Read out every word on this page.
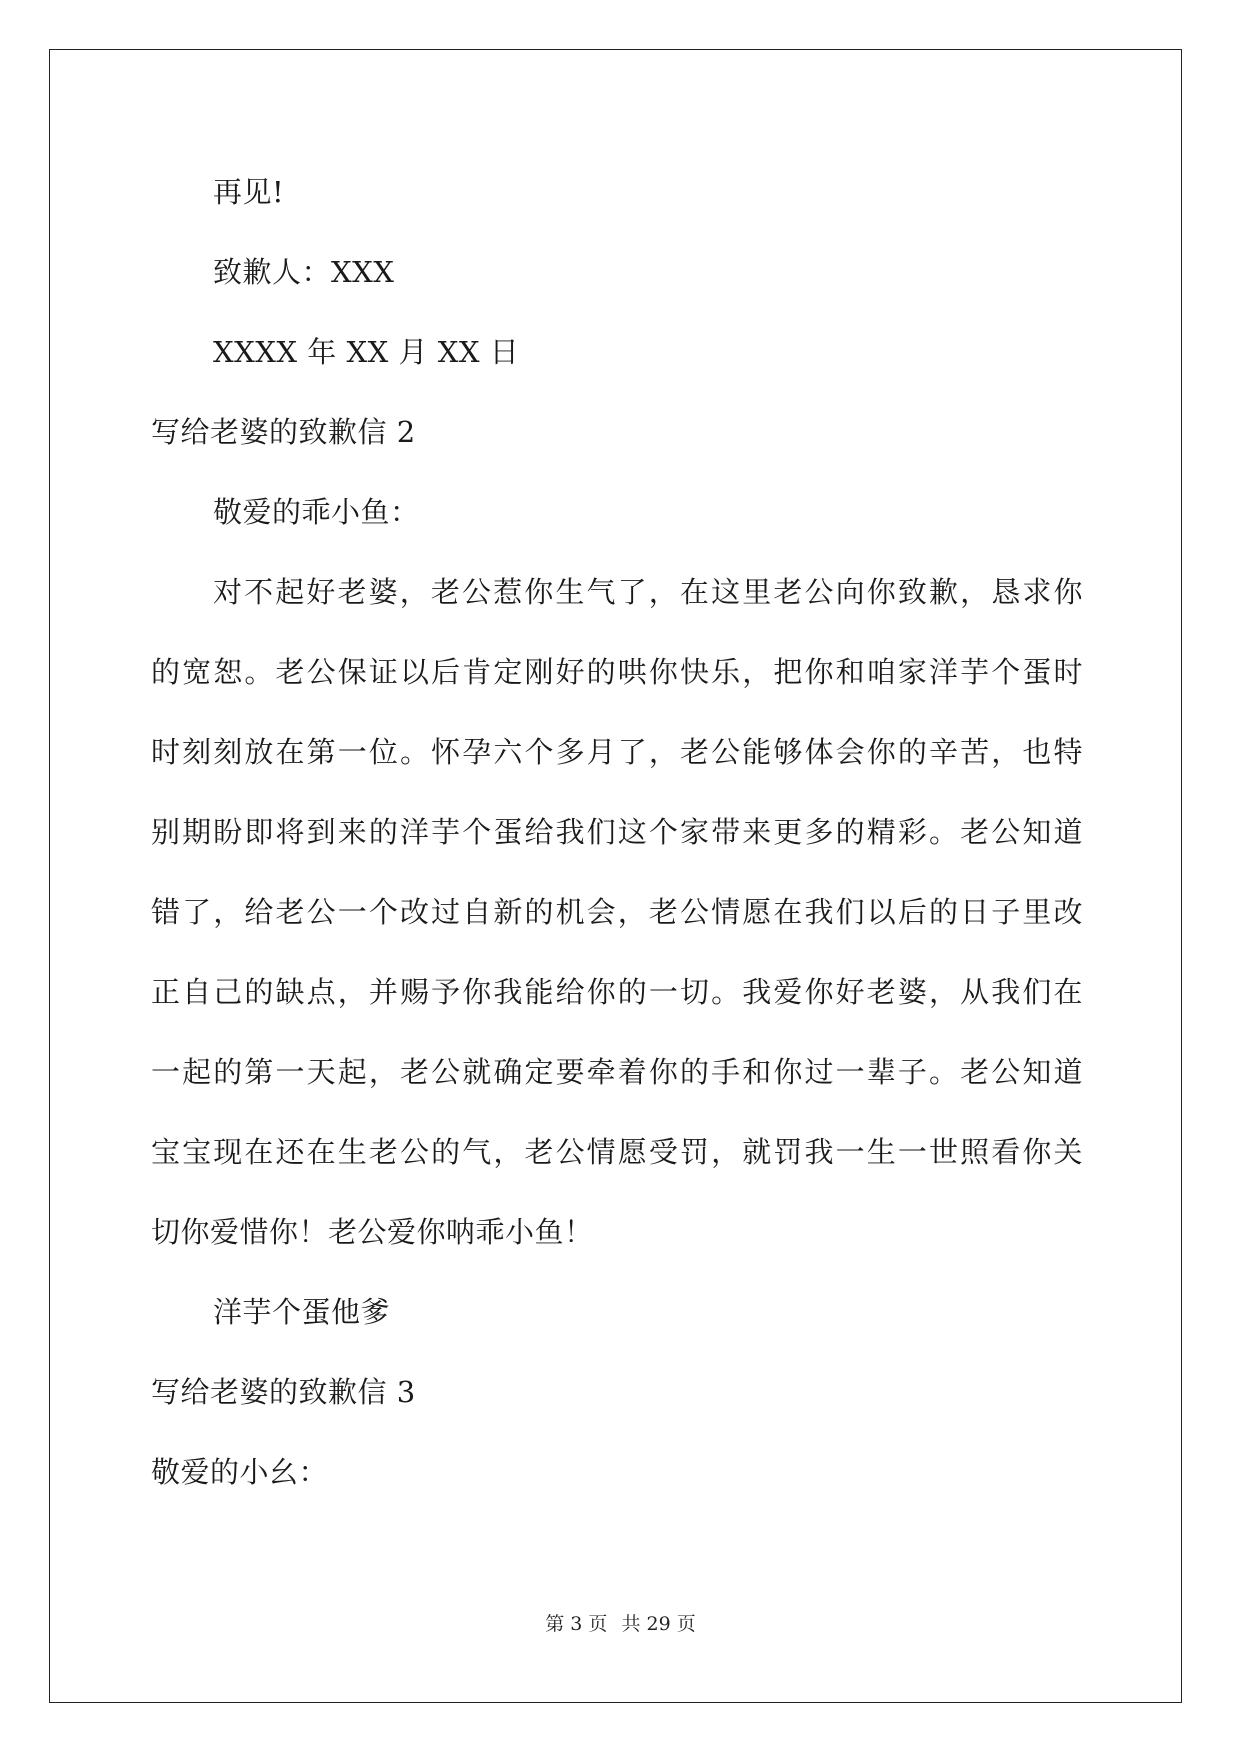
再见!
致歉人：XXX
XXXX 年 XX 月 XX 日
写给老婆的致歉信 2
敬爱的乖小鱼：
对不起好老婆，老公惹你生气了，在这里老公向你致歉，恳求你
的宽恕。老公保证以后肯定刚好的哄你快乐，把你和咱家洋芋个蛋时
时刻刻放在第一位。怀孕六个多月了，老公能够体会你的辛苦，也特
别期盼即将到来的洋芋个蛋给我们这个家带来更多的精彩。老公知道
错了，给老公一个改过自新的机会，老公情愿在我们以后的日子里改
正自己的缺点，并赐予你我能给你的一切。我爱你好老婆，从我们在
一起的第一天起，老公就确定要牵着你的手和你过一辈子。老公知道
宝宝现在还在生老公的气，老公情愿受罚，就罚我一生一世照看你关
切你爱惜你！老公爱你呐乖小鱼！
洋芋个蛋他爹
写给老婆的致歉信 3
敬爱的小幺：
第 3 页 共 29 页
